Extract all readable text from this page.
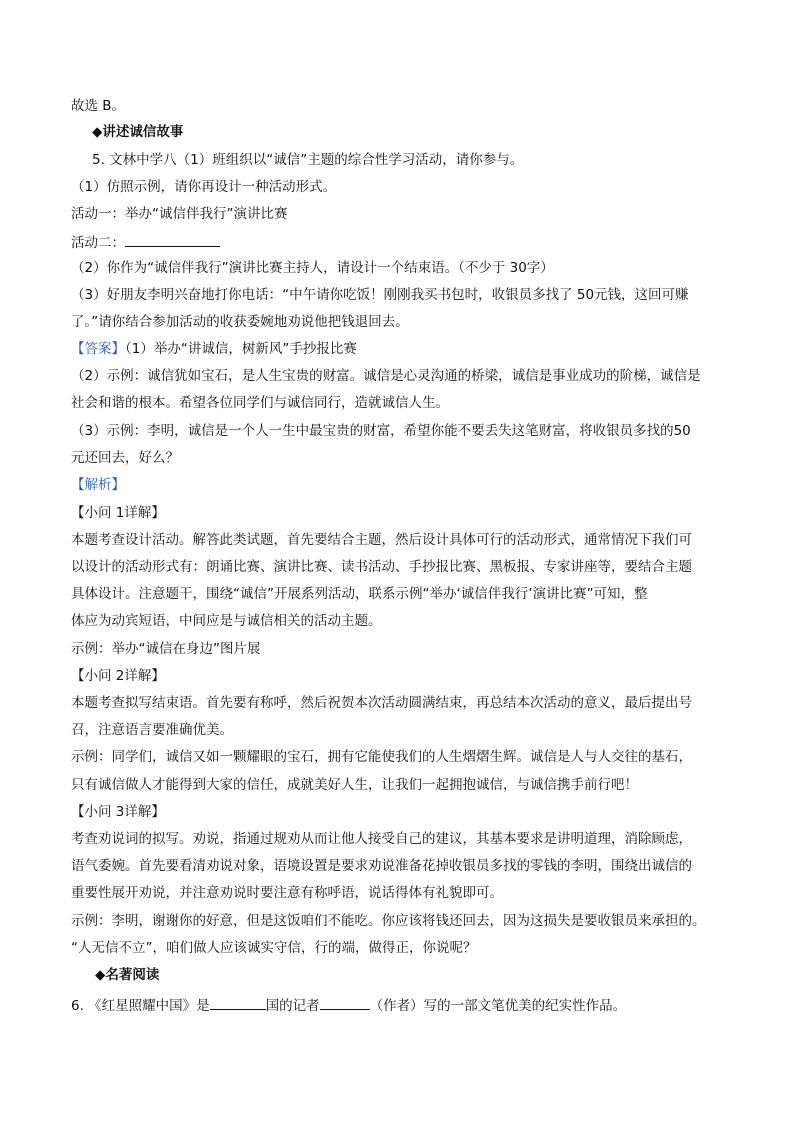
故选 B。
◆讲述诚信故事
5. 文林中学八（1）班组织以“诚信”主题的综合性学习活动，请你参与。
（1）仿照示例，请你再设计一种活动形式。
活动一：举办“诚信伴我行”演讲比赛
活动二：
（2）你作为“诚信伴我行”演讲比赛主持人，请设计一个结束语。（不少于 30字）
（3）好朋友李明兴奋地打你电话：“中午请你吃饭！刚刚我买书包时，收银员多找了 50元钱，这回可赚
了。”请你结合参加活动的收获委婉地劝说他把钱退回去。
【答案】（1）举办“讲诚信，树新风”手抄报比赛
（2）示例：诚信犹如宝石，是人生宝贵的财富。诚信是心灵沟通的桥梁，诚信是事业成功的阶梯，诚信是
社会和谐的根本。希望各位同学们与诚信同行，造就诚信人生。
（3）示例：李明，诚信是一个人一生中最宝贵的财富，希望你能不要丢失这笔财富，将收银员多找的50
元还回去，好么？
【解析】
【小问 1详解】
本题考查设计活动。解答此类试题，首先要结合主题，然后设计具体可行的活动形式，通常情况下我们可
以设计的活动形式有：朗诵比赛、演讲比赛、读书活动、手抄报比赛、黑板报、专家讲座等，要结合主题
具体设计。注意题干，围绕“诚信”开展系列活动，联系示例“举办‘诚信伴我行’演讲比赛”可知，整
体应为动宾短语，中间应是与诚信相关的活动主题。
示例：举办“诚信在身边”图片展
【小问 2详解】
本题考查拟写结束语。首先要有称呼，然后祝贺本次活动圆满结束，再总结本次活动的意义，最后提出号
召，注意语言要准确优美。
示例：同学们，诚信又如一颗耀眼的宝石，拥有它能使我们的人生熠熠生辉。诚信是人与人交往的基石，
只有诚信做人才能得到大家的信任，成就美好人生，让我们一起拥抱诚信，与诚信携手前行吧！
【小问 3详解】
考查劝说词的拟写。劝说，指通过规劝从而让他人接受自己的建议，其基本要求是讲明道理，消除顾虑，
语气委婉。首先要看清劝说对象，语境设置是要求劝说准备花掉收银员多找的零钱的李明，围绕出诚信的
重要性展开劝说，并注意劝说时要注意有称呼语，说话得体有礼貌即可。
示例：李明，谢谢你的好意，但是这饭咱们不能吃。你应该将钱还回去，因为这损失是要收银员来承担的。
“人无信不立”，咱们做人应该诚实守信，行的端，做得正，你说呢？
◆名著阅读
6. 《红星照耀中国》是	国的记者	（作者）写的一部文笔优美的纪实性作品。
